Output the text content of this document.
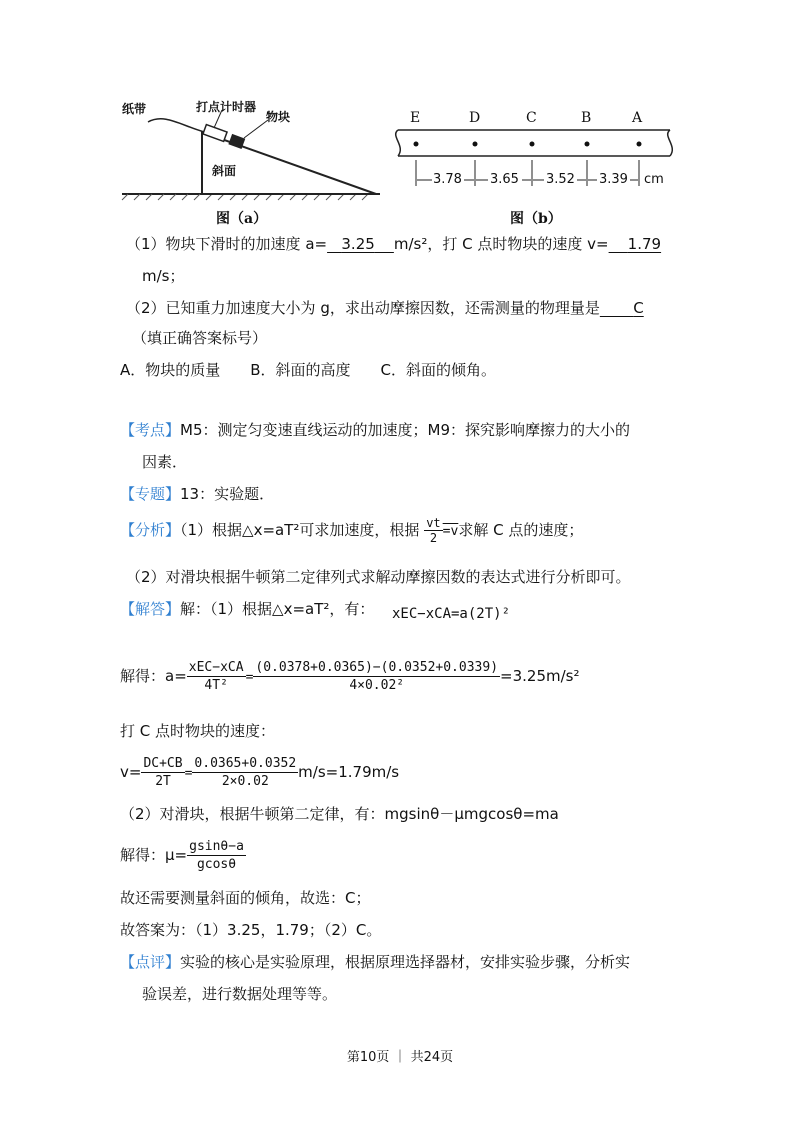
纸带	打点计时器
物块
斜面
图（a）
E	D	C	B	A
3.78 3.65 3.52 3.39 cm
图（b）
（1）物块下滑时的加速度 a= 3.25 m/s²，打 C 点时物块的速度 v= 1.79
m/s；
（2）已知重力加速度大小为 g，求出动摩擦因数，还需测量的物理量是 C
（填正确答案标号）
A．物块的质量　　B．斜面的高度　　C．斜面的倾角。
【考点】M5：测定匀变速直线运动的加速度；M9：探究影响摩擦力的大小的
因素．
【专题】13：实验题．
【分析】（1）根据△x=aT²可求加速度，根据 $\frac{vt}{2} =v$求解 C 点的速度；
（2）对滑块根据牛顿第二定律列式求解动摩擦因数的表达式进行分析即可。
【解答】解：（1）根据△x=aT²，有： xEC−xCA=a(2T)²
解得：$a= \frac{\text{xEC−xCA}}{\text{4T²}} = \frac{(0.0378+0.0365)-(0.0352+0.0339)}{\text{4×0.02²}} =3.25m/s^2$
打 C 点时物块的速度：
$v= \frac{DC+CB}{2T} = \frac{0.0365+0.0352}{2\times 0.02} m/s=1.79m/s$
（2）对滑块，根据牛顿第二定律，有：mgsinθ－μmgcosθ=ma
解得：$\mu= \frac{gsin\theta-a}{gcos\theta}$
故还需要测量斜面的倾角，故选：C；
故答案为：（1）3.25，1.79；（2）C。
【点评】实验的核心是实验原理，根据原理选择器材，安排实验步骤，分析实
验误差，进行数据处理等等。
第10页 ｜ 共24页
